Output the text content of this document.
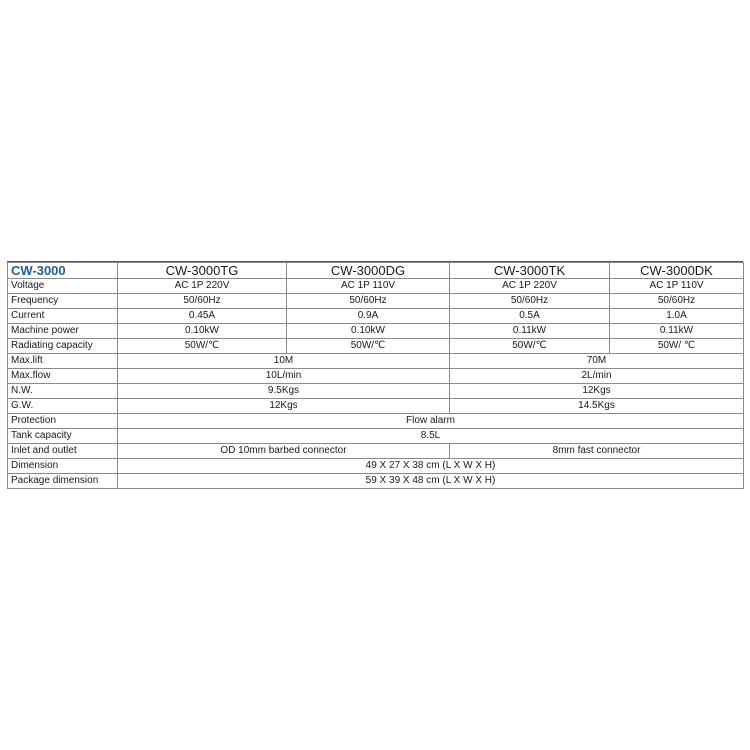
CW-3000	CW-3000TG	CW-3000DG	CW-3000TK	CW-3000DK
Voltage	AC 1P 220V	AC 1P 110V	AC 1P 220V	AC 1P 110V
Frequency	50/60Hz	50/60Hz	50/60Hz	50/60Hz
Current	0.45A	0.9A	0.5A	1.0A
Machine power	0.10kW	0.10kW	0.11kW	0.11kW
Radiating capacity	50W/℃	50W/℃	50W/℃	50W/ ℃
Max.lift	10M		70M	
Max.flow	10L/min		2L/min	
N.W.	9.5Kgs		12Kgs	
G.W.	12Kgs		14.5Kgs	
Protection	Flow alarm			
Tank capacity	8.5L			
Inlet and outlet	OD 10mm barbed connector		8mm fast connector	
Dimension	49 X 27 X 38 cm (L X W X H)			
Package dimension	59 X 39 X 48 cm (L X W X H)			
